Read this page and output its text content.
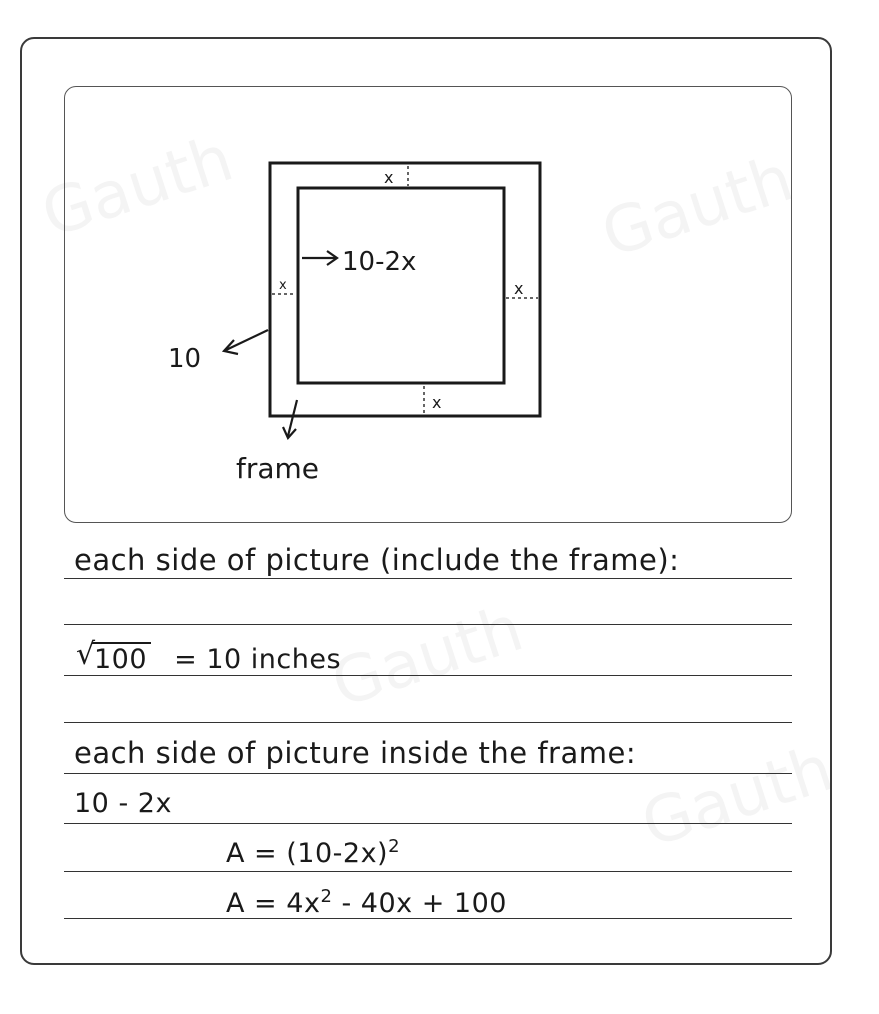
x
x	x
x
10-2x
10
frame
each side of picture (include the frame):
√
100 = 10 inches
each side of picture inside the frame:
10 - 2x
$A = (10-2x)^2$
$A = 4x^2 - 40x + 100$
